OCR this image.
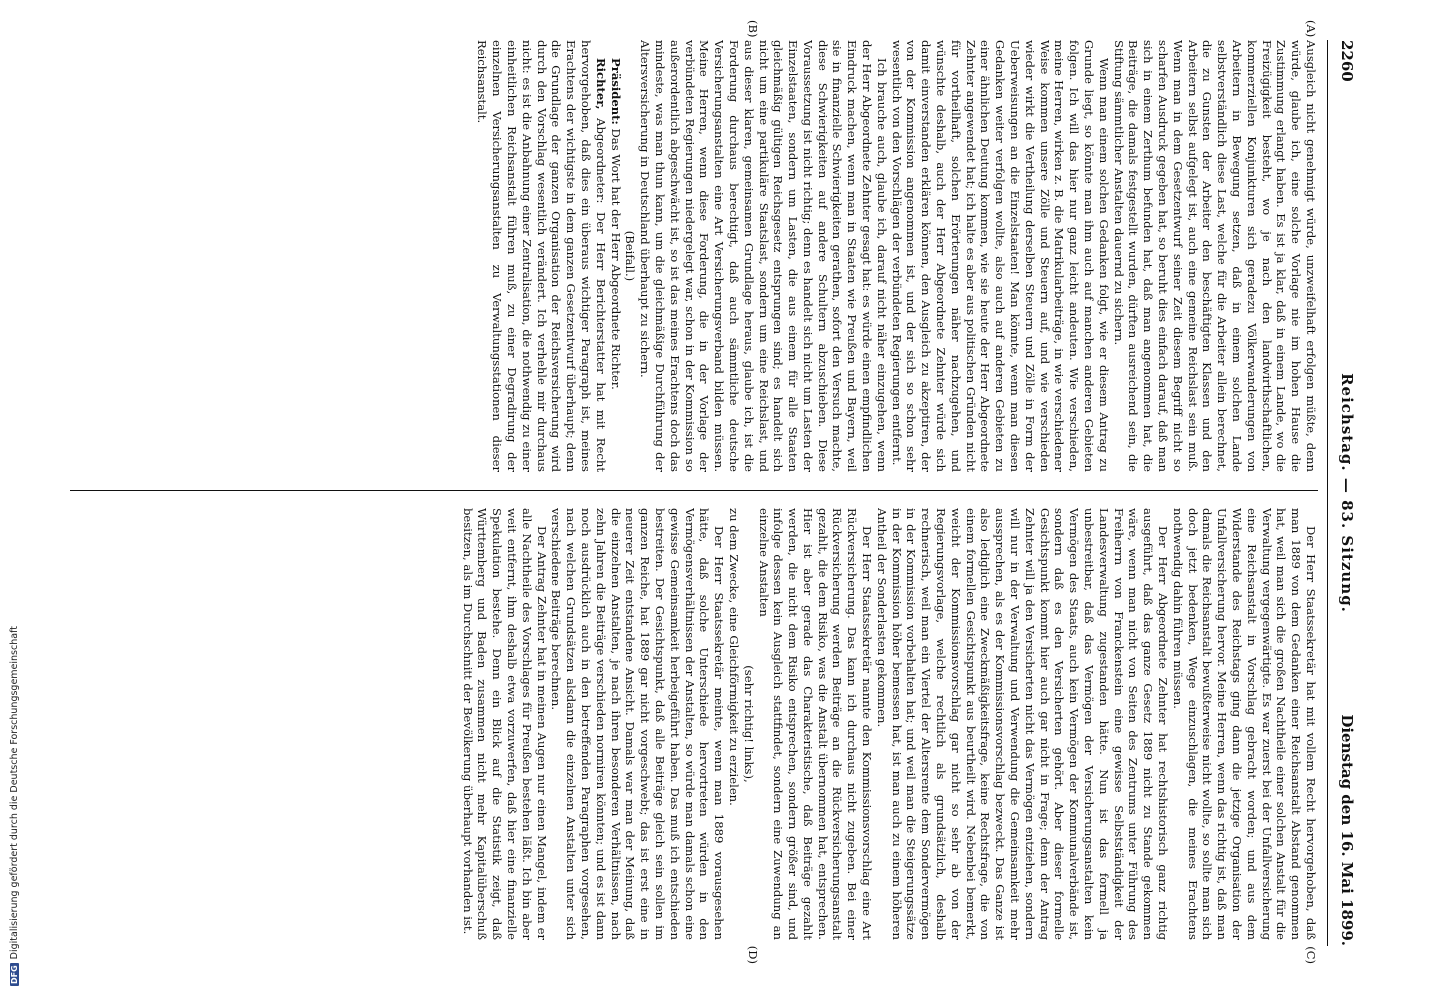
DFGDigitalisierung gefördert durch die Deutsche Forschungsgemeinschaft
2260
Reichstag. — 83. Sitzung.
Dienstag den 16. Mai 1899.
(A)
(B)
(C)
(D)

Ausgleich nicht genehmigt würde, unzweifelhaft erfolgen müßte, denn würde, glaube ich, eine solche Vorlage nie im hohen Hause die Zustimmung erlangt haben. Es ist ja klar, daß in einem Lande, wo die Freizügigkeit besteht, wo je nach den landwirthschaftlichen, kommerziellen Konjunkturen sich geradezu Völkerwanderungen von Arbeitern in Bewegung setzen, daß in einem solchen Lande selbstverständlich diese Last, welche für die Arbeiter allein berechnet, die zu Gunsten der Arbeiter den beschäftigten Klassen und den Arbeitern selbst aufgelegt ist, auch eine gemeine Reichslast sein muß. Wenn man in dem Gesetzentwurf seiner Zeit diesem Begriff nicht so scharfen Ausdruck gegeben hat, so beruht dies einfach darauf, daß man sich in einem Zerthum befunden hat, daß man angenommen hat, die Beiträge, die damals festgestellt wurden, dürften ausreichend sein, die Stiftung sämmtlicher Anstalten dauernd zu sichern.

Wenn man einem solchen Gedanken folgt, wie er diesem Antrag zu Grunde liegt, so könnte man ihm auch auf manchen anderen Gebieten folgen. Ich will das hier nur ganz leicht andeuten. Wie verschieden, meine Herren, wirken z. B. die Matrikularbeiträge, in wie verschiedener Weise kommen unsere Zölle und Steuern auf, und wie verschieden wieder wirkt die Vertheilung derselben Steuern und Zölle in Form der Ueberweisungen an die Einzelstaaten! Man könnte, wenn man diesen Gedanken weiter verfolgen wollte, also auch auf anderen Gebieten zu einer ähnlichen Deutung kommen, wie sie heute der Herr Abgeordnete Zehnter angewendet hat; ich halte es aber aus politischen Gründen nicht für vortheilhaft, solchen Erörterungen näher nachzugehen, und wünschte deshalb, auch der Herr Abgeordnete Zehnter würde sich damit einverstanden erklären können, den Ausgleich zu akzeptiren, der von der Kommission angenommen ist, und der sich so schon sehr wesentlich von den Vorschlägen der verbündeten Regierungen entfernt.

Ich brauche auch, glaube ich, darauf nicht näher einzugehen, wenn der Herr Abgeordnete Zehnter gesagt hat: es würde einen empfindlichen Eindruck machen, wenn man in Staaten wie Preußen und Bayern, weil sie in finanzielle Schwierigkeiten gerathen, sofort den Versuch machte, diese Schwierigkeiten auf andere Schultern abzuschieben. Diese Voraussetzung ist nicht richtig; denn es handelt sich nicht um Lasten der Einzelstaaten, sondern um Lasten, die aus einem für alle Staaten gleichmäßig gültigen Reichsgesetz entsprungen sind; es handelt sich nicht um eine partikuläre Staatslast, sondern um eine Reichslast, und aus dieser klaren, gemeinsamen Grundlage heraus, glaube ich, ist die Forderung durchaus berechtigt, daß auch sämmtliche deutsche Versicherungsanstalten eine Art Versicherungsverband bilden müssen. Meine Herren, wenn diese Forderung, die in der Vorlage der verbündeten Regierungen niedergelegt war, schon in der Kommission so außerordentlich abgeschwächt ist, so ist das meines Erachtens doch das mindeste, was man thun kann, um die gleichmäßige Durchführung der Altersversicherung in Deutschland überhaupt zu sichern.

(Beifall.)

Präsident: Das Wort hat der Herr Abgeordnete Richter.

Richter, Abgeordneter: Der Herr Berichterstatter hat mit Recht hervorgehoben, daß dies ein überaus wichtiger Paragraph ist, meines Erachtens der wichtigste in dem ganzen Gesetzentwurf überhaupt; denn die Grundlage der ganzen Organisation der Reichsversicherung wird durch den Vorschlag wesentlich verändert. Ich verhehle mir durchaus nicht: es ist die Anbahnung einer Zentralisation, die nothwendig zu einer einheitlichen Reichsanstalt führen muß, zu einer Degradirung der einzelnen Versicherungsanstalten zu Verwaltungsstationen dieser Reichsanstalt.

Der Herr Staatssekretär hat mit vollem Recht hervorgehoben, daß man 1889 von dem Gedanken einer Reichsanstalt Abstand genommen hat, weil man sich die großen Nachtheile einer solchen Anstalt für die Verwaltung vergegenwärtigte. Es war zuerst bei der Unfallversicherung eine Reichsanstalt in Vorschlag gebracht worden; und aus dem Widerstande des Reichstags ging dann die jetzige Organisation der Unfallversicherung hervor. Meine Herren, wenn das richtig ist, daß man damals die Reichsanstalt bewußterweise nicht wollte, so sollte man sich doch jetzt bedenken, Wege einzuschlagen, die meines Erachtens nothwendig dahin führen müssen.

Der Herr Abgeordnete Zehnter hat rechtshistorisch ganz richtig ausgeführt, daß das ganze Gesetz 1889 nicht zu Stande gekommen wäre, wenn man nicht von Seiten des Zentrums unter Führung des Freiherrn von Franckenstein eine gewisse Selbstständigkeit der Landesverwaltung zugestanden hätte. Nun ist das formell ja unbestreitbar, daß das Vermögen der Versicherungsanstalten kein Vermögen des Staats, auch kein Vermögen der Kommunalverbände ist, sondern daß es den Versicherten gehört. Aber dieser formelle Gesichtspunkt kommt hier auch gar nicht in Frage; denn der Antrag Zehnter will ja den Versicherten nicht das Vermögen entziehen, sondern will nur in der Verwaltung und Verwendung die Gemeinsamkeit mehr aussprechen, als es der Kommissionsvorschlag bezweckt. Das Ganze ist also lediglich eine Zweckmäßigkeitsfrage, keine Rechtsfrage, die von einem formellen Gesichtspunkt aus beurtheilt wird. Nebenbei bemerkt, weicht der Kommissionsvorschlag gar nicht so sehr ab von der Regierungsvorlage, welche rechtlich als grundsätzlich, deshalb rechnerisch, weil man ein Viertel der Altersrente dem Sondervermögen in der Kommission vorbehalten hat; und weil man die Steigerungssätze in der Kommission höher bemessen hat, ist man auch zu einem höheren Antheil der Sonderlasten gekommen.

Der Herr Staatssekretär nannte den Kommissionsvorschlag eine Art Rückversicherung. Das kann ich durchaus nicht zugeben. Bei einer Rückversicherung werden Beiträge an die Rückversicherungsanstalt gezahlt, die dem Risiko, was die Anstalt übernommen hat, entsprechen. Hier ist aber gerade das Charakteristische, daß Beiträge gezahlt werden, die nicht dem Risiko entsprechen, sondern größer sind, und infolge dessen kein Ausgleich stattfindet, sondern eine Zuwendung an einzelne Anstalten

(sehr richtig! links),

zu dem Zwecke, eine Gleichförmigkeit zu erzielen.

Der Herr Staatssekretär meinte, wenn man 1889 vorausgesehen hätte, daß solche Unterschiede hervortreten würden in den Vermögensverhältnissen der Anstalten, so würde man damals schon eine gewisse Gemeinsamkeit herbeigeführt haben. Das muß ich entschieden bestreiten. Der Gesichtspunkt, daß alle Beiträge gleich sein sollen im ganzen Reiche, hat 1889 gar nicht vorgeschwebt; das ist erst eine in neuerer Zeit entstandene Ansicht. Damals war man der Meinung, daß die einzelnen Anstalten, je nach ihren besonderen Verhältnissen, nach zehn Jahren die Beiträge verschieden normiren könnten; und es ist dann noch ausdrücklich auch in den betreffenden Paragraphen vorgesehen, nach welchen Grundsätzen alsdann die einzelnen Anstalten unter sich verschiedene Beiträge berechnen.

Der Antrag Zehnter hat in meinen Augen nur einen Mangel, indem er alle Nachtheile des Vorschlages für Preußen bestehen läßt. Ich bin aber weit entfernt, ihm deshalb etwa vorzuwerfen, daß hier eine finanzielle Spekulation bestehe. Denn ein Blick auf die Statistik zeigt, daß Württemberg und Baden zusammen nicht mehr Kapitalüberschuß besitzen, als im Durchschnitt der Bevölkerung überhaupt vorhanden ist.
